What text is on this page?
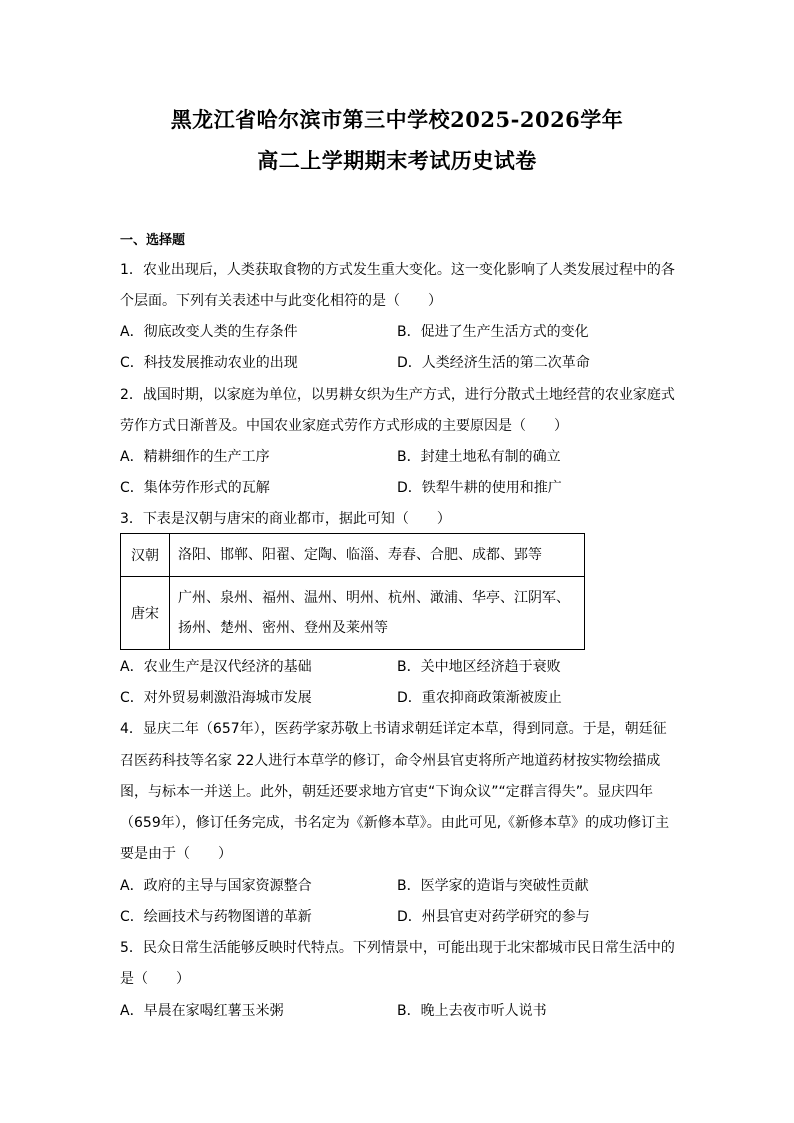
黑龙江省哈尔滨市第三中学校2025-2026学年
高二上学期期末考试历史试卷
一、选择题
1．农业出现后，人类获取食物的方式发生重大变化。这一变化影响了人类发展过程中的各
个层面。下列有关表述中与此变化相符的是（　　）
A．彻底改变人类的生存条件	B．促进了生产生活方式的变化
C．科技发展推动农业的出现	D．人类经济生活的第二次革命
2．战国时期，以家庭为单位，以男耕女织为生产方式，进行分散式土地经营的农业家庭式
劳作方式日渐普及。中国农业家庭式劳作方式形成的主要原因是（　　）
A．精耕细作的生产工序	B．封建土地私有制的确立
C．集体劳作形式的瓦解	D．铁犁牛耕的使用和推广
3．下表是汉朝与唐宋的商业都市，据此可知（　　）
汉朝	洛阳、邯郸、阳翟、定陶、临淄、寿春、合肥、成都、郢等

唐宋	广州、泉州、福州、温州、明州、杭州、澉浦、华亭、江阴军、
扬州、楚州、密州、登州及莱州等
A．农业生产是汉代经济的基础	B．关中地区经济趋于衰败
C．对外贸易刺激沿海城市发展	D．重农抑商政策渐被废止
4．显庆二年（657年），医药学家苏敬上书请求朝廷详定本草，得到同意。于是，朝廷征
召医药科技等名家 22人进行本草学的修订，命令州县官吏将所产地道药材按实物绘描成
图，与标本一并送上。此外，朝廷还要求地方官吏“下询众议”“定群言得失”。显庆四年
（659年），修订任务完成，书名定为《新修本草》。由此可见,《新修本草》的成功修订主
要是由于（　　）
A．政府的主导与国家资源整合	B．医学家的造诣与突破性贡献
C．绘画技术与药物图谱的革新	D．州县官吏对药学研究的参与
5．民众日常生活能够反映时代特点。下列情景中，可能出现于北宋都城市民日常生活中的
是（　　）
A．早晨在家喝红薯玉米粥	B．晚上去夜市听人说书
